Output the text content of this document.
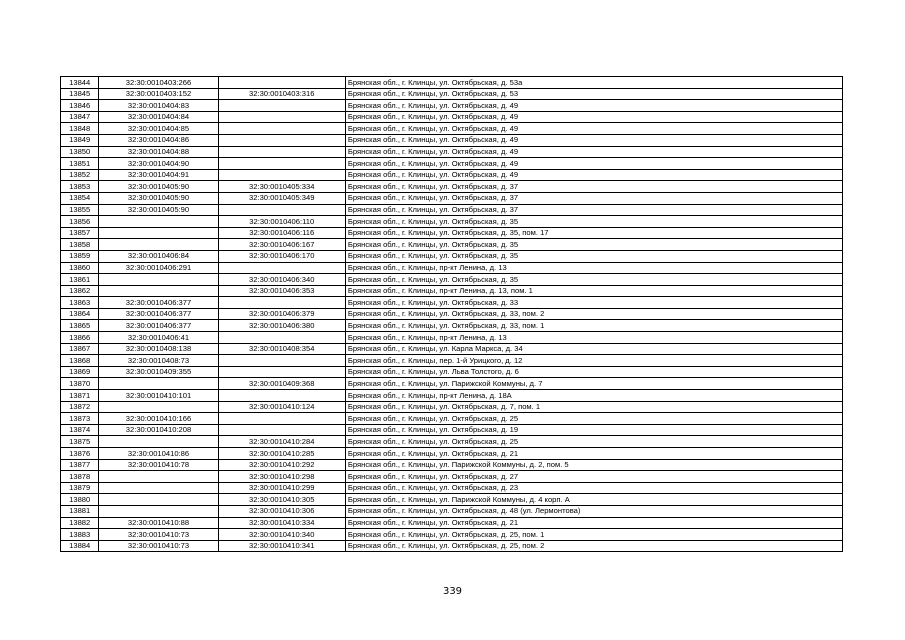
13844	32:30:0010403:266		Брянская обл., г. Клинцы, ул. Октябрьская, д. 53а
13845	32:30:0010403:152	32:30:0010403:316	Брянская обл., г. Клинцы, ул. Октябрьская, д. 53
13846	32:30:0010404:83		Брянская обл., г. Клинцы, ул. Октябрьская, д. 49
13847	32:30:0010404:84		Брянская обл., г. Клинцы, ул. Октябрьская, д. 49
13848	32:30:0010404:85		Брянская обл., г. Клинцы, ул. Октябрьская, д. 49
13849	32:30:0010404:86		Брянская обл., г. Клинцы, ул. Октябрьская, д. 49
13850	32:30:0010404:88		Брянская обл., г. Клинцы, ул. Октябрьская, д. 49
13851	32:30:0010404:90		Брянская обл., г. Клинцы, ул. Октябрьская, д. 49
13852	32:30:0010404:91		Брянская обл., г. Клинцы, ул. Октябрьская, д. 49
13853	32:30:0010405:90	32:30:0010405:334	Брянская обл., г. Клинцы, ул. Октябрьская, д. 37
13854	32:30:0010405:90	32:30:0010405:349	Брянская обл., г. Клинцы, ул. Октябрьская, д. 37
13855	32:30:0010405:90		Брянская обл., г. Клинцы, ул. Октябрьская, д. 37
13856		32:30:0010406:110	Брянская обл., г. Клинцы, ул. Октябрьская, д. 35
13857		32:30:0010406:116	Брянская обл., г. Клинцы, ул. Октябрьская, д. 35, пом. 17
13858		32:30:0010406:167	Брянская обл., г. Клинцы, ул. Октябрьская, д. 35
13859	32:30:0010406:84	32:30:0010406:170	Брянская обл., г. Клинцы, ул. Октябрьская, д. 35
13860	32:30:0010406:291		Брянская обл., г. Клинцы, пр-кт Ленина, д. 13
13861		32:30:0010406:340	Брянская обл., г. Клинцы, ул. Октябрьская, д. 35
13862		32:30:0010406:353	Брянская обл., г. Клинцы, пр-кт Ленина, д. 13, пом. 1
13863	32:30:0010406:377		Брянская обл., г. Клинцы, ул. Октябрьская, д. 33
13864	32:30:0010406:377	32:30:0010406:379	Брянская обл., г. Клинцы, ул. Октябрьская, д. 33, пом. 2
13865	32:30:0010406:377	32:30:0010406:380	Брянская обл., г. Клинцы, ул. Октябрьская, д. 33, пом. 1
13866	32:30:0010406:41		Брянская обл., г. Клинцы, пр-кт Ленина, д. 13
13867	32:30:0010408:138	32:30:0010408:354	Брянская обл., г. Клинцы, ул. Карла Маркса, д. 34
13868	32:30:0010408:73		Брянская обл., г. Клинцы, пер. 1-й Урицкого, д. 12
13869	32:30:0010409:355		Брянская обл., г. Клинцы, ул. Льва Толстого, д. 6
13870		32:30:0010409:368	Брянская обл., г. Клинцы, ул. Парижской Коммуны, д. 7
13871	32:30:0010410:101		Брянская обл., г. Клинцы, пр-кт Ленина, д. 18А
13872		32:30:0010410:124	Брянская обл., г. Клинцы, ул. Октябрьская, д. 7, пом. 1
13873	32:30:0010410:166		Брянская обл., г. Клинцы, ул. Октябрьская, д. 25
13874	32:30:0010410:208		Брянская обл., г. Клинцы, ул. Октябрьская, д. 19
13875		32:30:0010410:284	Брянская обл., г. Клинцы, ул. Октябрьская, д. 25
13876	32:30:0010410:86	32:30:0010410:285	Брянская обл., г. Клинцы, ул. Октябрьская, д. 21
13877	32:30:0010410:78	32:30:0010410:292	Брянская обл., г. Клинцы, ул. Парижской Коммуны, д. 2, пом. 5
13878		32:30:0010410:298	Брянская обл., г. Клинцы, ул. Октябрьская, д. 27
13879		32:30:0010410:299	Брянская обл., г. Клинцы, ул. Октябрьская, д. 23
13880		32:30:0010410:305	Брянская обл., г. Клинцы, ул. Парижской Коммуны, д. 4 корп. А
13881		32:30:0010410:306	Брянская обл., г. Клинцы, ул. Октябрьская, д. 48 (ул. Лермонтова)
13882	32:30:0010410:88	32:30:0010410:334	Брянская обл., г. Клинцы, ул. Октябрьская, д. 21
13883	32:30:0010410:73	32:30:0010410:340	Брянская обл., г. Клинцы, ул. Октябрьская, д. 25, пом. 1
13884	32:30:0010410:73	32:30:0010410:341	Брянская обл., г. Клинцы, ул. Октябрьская, д. 25, пом. 2
339
